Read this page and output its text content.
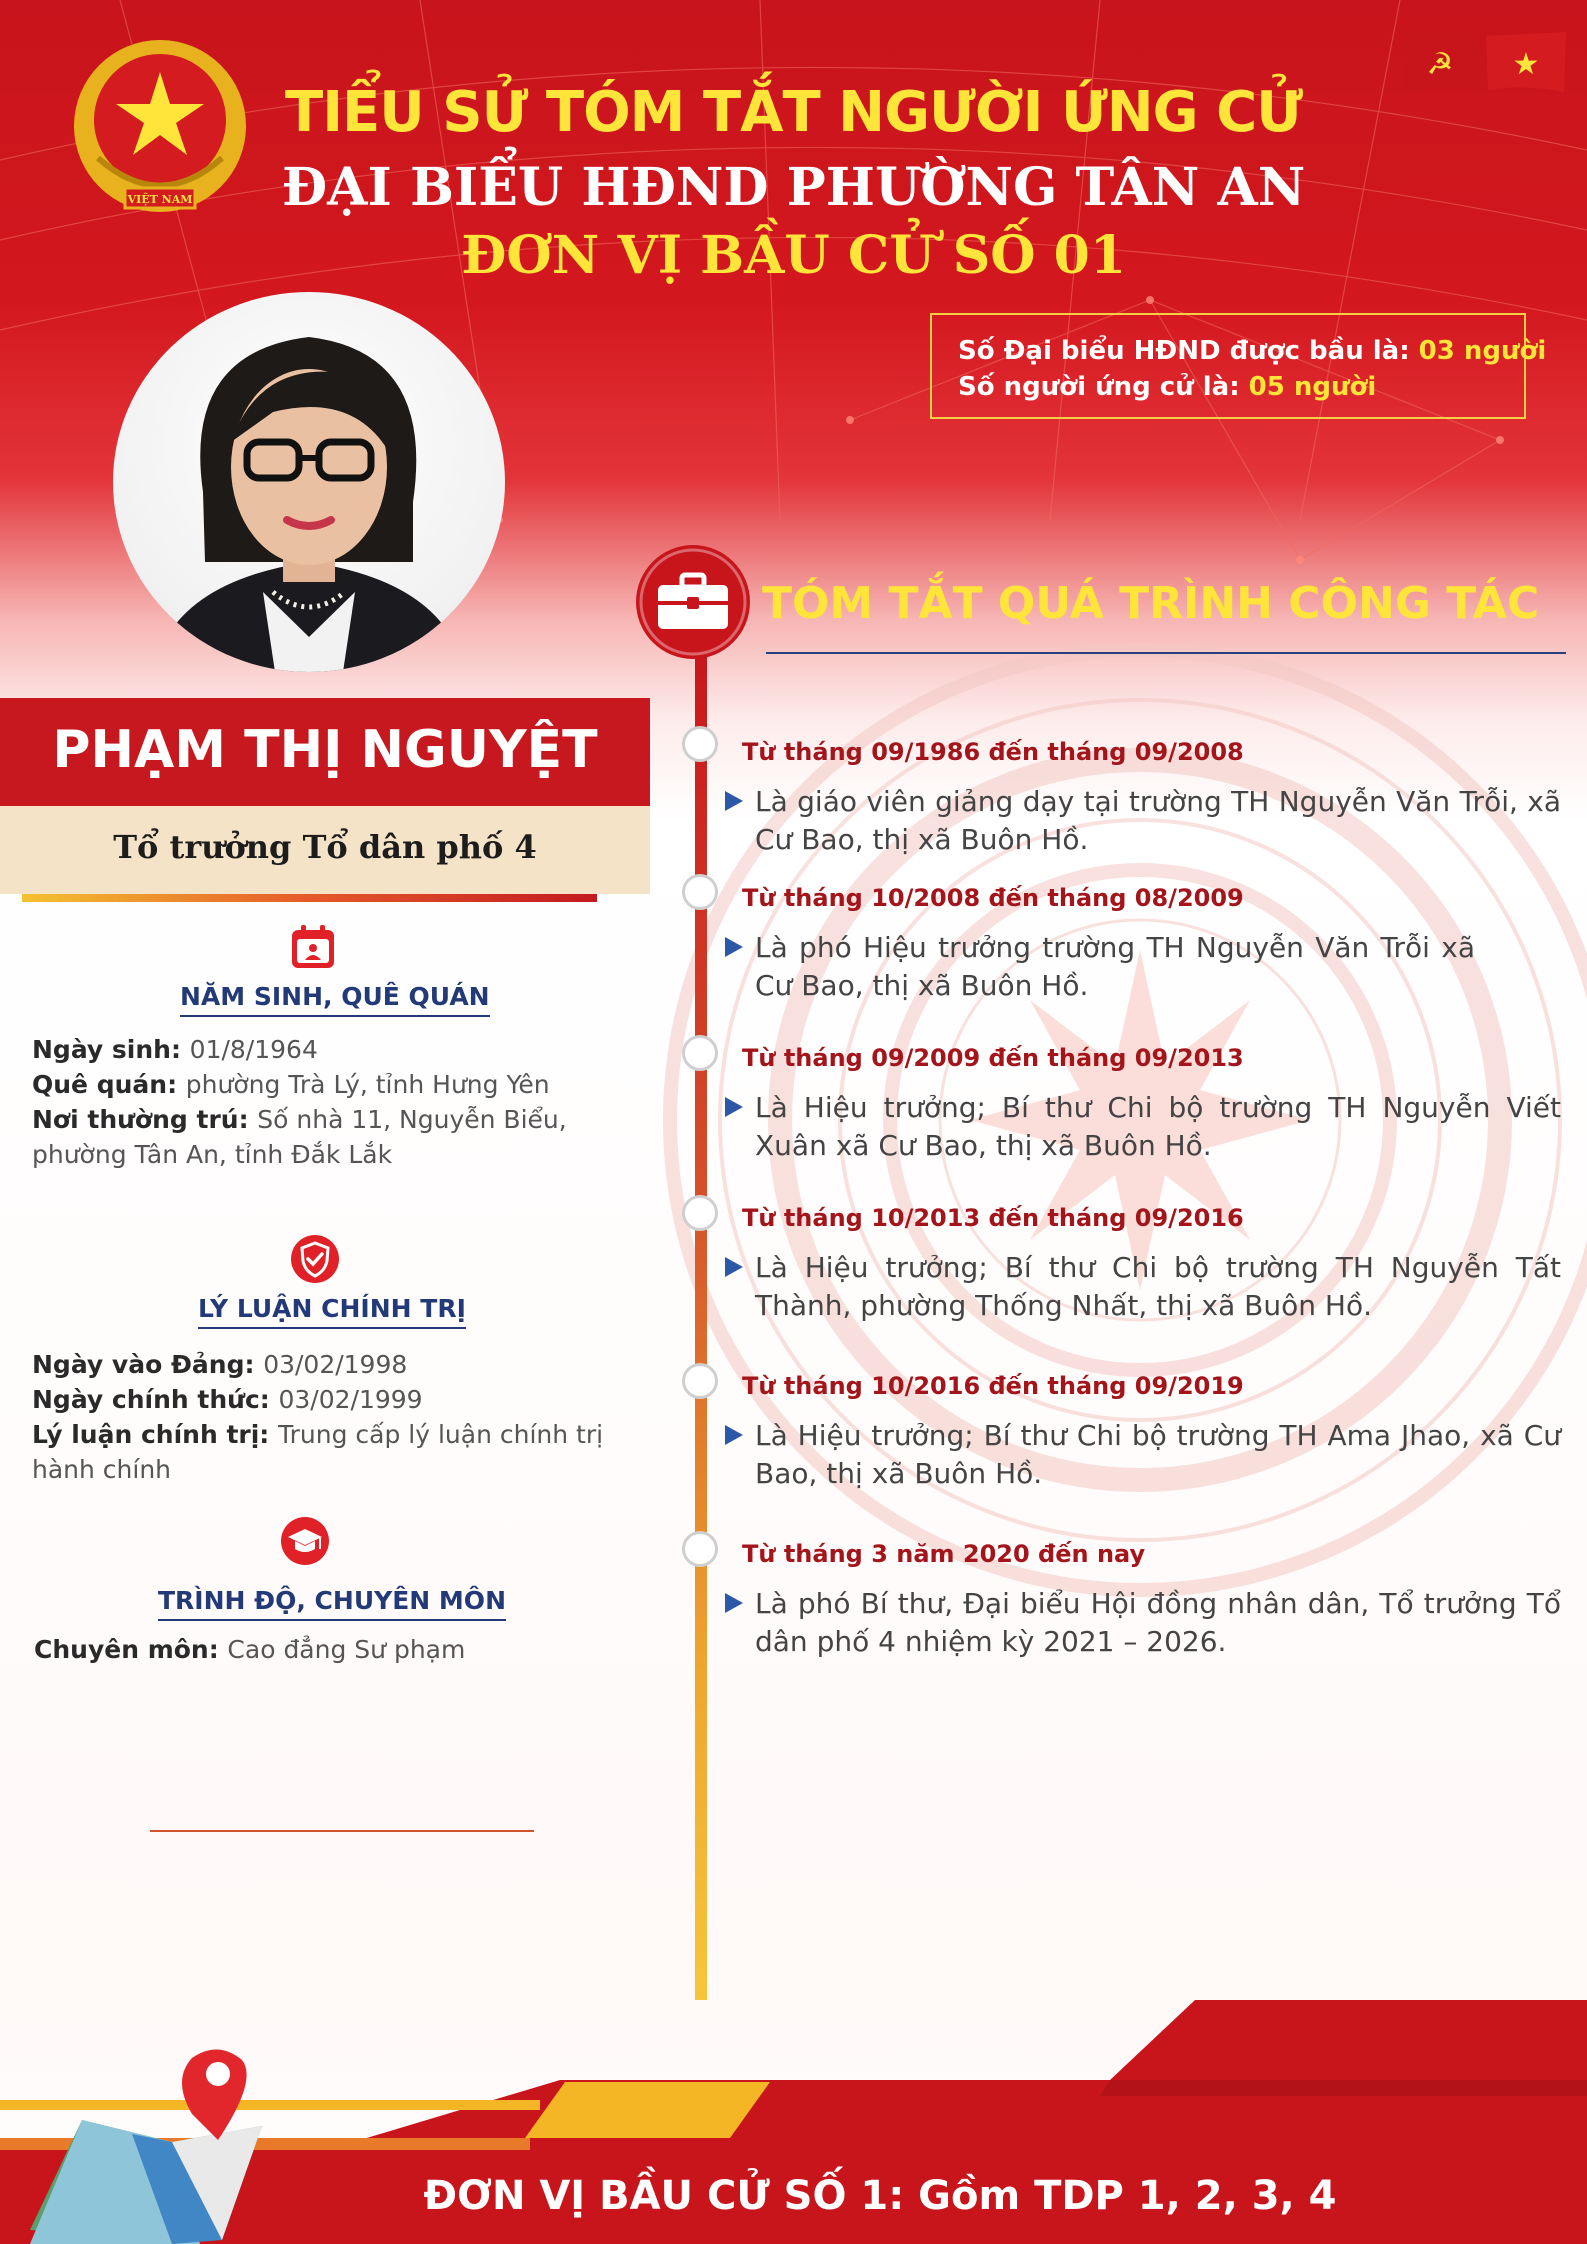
VIỆT NAM
☭ ★
TIỂU SỬ TÓM TẮT NGƯỜI ỨNG CỬ
ĐẠI BIỂU HĐND PHƯỜNG TÂN AN
ĐƠN VỊ BẦU CỬ SỐ 01
Số Đại biểu HĐND được bầu là: 03 người
Số người ứng cử là: 05 người
PHẠM THỊ NGUYỆT
Tổ trưởng Tổ dân phố 4
NĂM SINH, QUÊ QUÁN
Ngày sinh: 01/8/1964
Quê quán: phường Trà Lý, tỉnh Hưng Yên
Nơi thường trú: Số nhà 11, Nguyễn Biểu, phường Tân An, tỉnh Đắk Lắk
LÝ LUẬN CHÍNH TRỊ
Ngày vào Đảng: 03/02/1998
Ngày chính thức: 03/02/1999
Lý luận chính trị: Trung cấp lý luận chính trị hành chính
TRÌNH ĐỘ, CHUYÊN MÔN
Chuyên môn: Cao đẳng Sư phạm
TÓM TẮT QUÁ TRÌNH CÔNG TÁC
Từ tháng 09/1986 đến tháng 09/2008
Là giáo viên giảng dạy tại trường TH Nguyễn Văn Trỗi, xã Cư Bao, thị xã Buôn Hồ.
Từ tháng 10/2008 đến tháng 08/2009
Là phó Hiệu trưởng trường TH Nguyễn Văn Trỗi xã Cư Bao, thị xã Buôn Hồ.
Từ tháng 09/2009 đến tháng 09/2013
Là Hiệu trưởng; Bí thư Chi bộ trường TH Nguyễn Viết Xuân xã Cư Bao, thị xã Buôn Hồ.
Từ tháng 10/2013 đến tháng 09/2016
Là Hiệu trưởng; Bí thư Chi bộ trường TH Nguyễn Tất Thành, phường Thống Nhất, thị xã Buôn Hồ.
Từ tháng 10/2016 đến tháng 09/2019
Là Hiệu trưởng; Bí thư Chi bộ trường TH Ama Jhao, xã Cư Bao, thị xã Buôn Hồ.
Từ tháng 3 năm 2020 đến nay
Là phó Bí thư, Đại biểu Hội đồng nhân dân, Tổ trưởng Tổ dân phố 4 nhiệm kỳ 2021 – 2026.
ĐƠN VỊ BẦU CỬ SỐ 1: Gồm TDP 1, 2, 3, 4
